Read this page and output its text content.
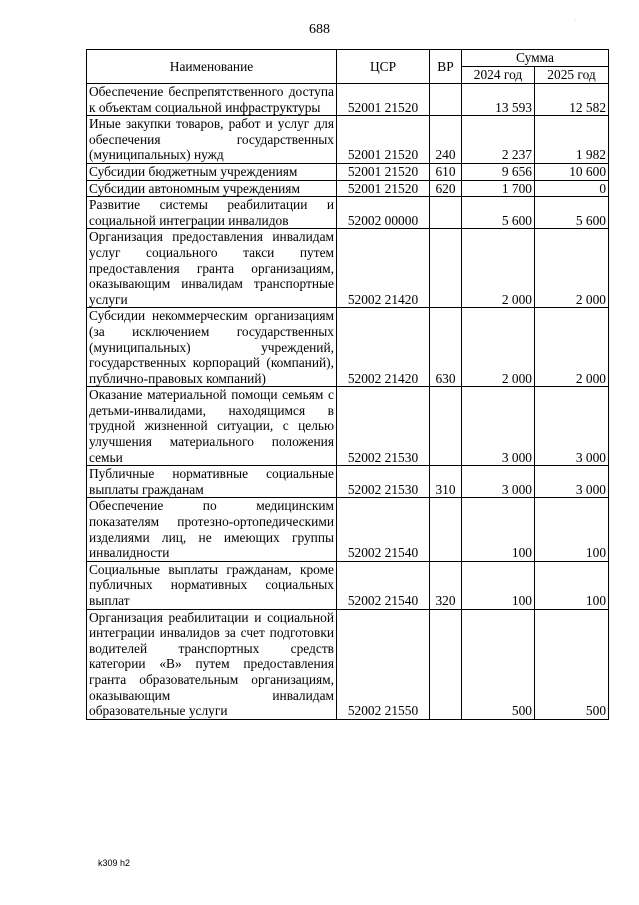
688
·
Наименование	ЦСР	ВР	Сумма	
			2024 год	2025 год
Обеспечение беспрепятственного доступа к объектам социальной инфраструктуры	52001 21520		13 593	12 582
Иные закупки товаров, работ и услуг для обеспечения государственных (муниципальных) нужд	52001 21520	240	2 237	1 982
Субсидии бюджетным учреждениям	52001 21520	610	9 656	10 600
Субсидии автономным учреждениям	52001 21520	620	1 700	0
Развитие системы реабилитации и социальной интеграции инвалидов	52002 00000		5 600	5 600
Организация предоставления инвалидам услуг социального такси путем предоставления гранта организациям, оказывающим инвалидам транспортные услуги	52002 21420		2 000	2 000
Субсидии некоммерческим организациям (за исключением государственных (муниципальных) учреждений, государственных корпораций (компаний), публично-правовых компаний)	52002 21420	630	2 000	2 000
Оказание материальной помощи семьям с детьми-инвалидами, находящимся в трудной жизненной ситуации, с целью улучшения материального положения семьи	52002 21530		3 000	3 000
Публичные нормативные социальные выплаты гражданам	52002 21530	310	3 000	3 000
Обеспечение по медицинским показателям протезно-ортопедическими изделиями лиц, не имеющих группы инвалидности	52002 21540		100	100
Социальные выплаты гражданам, кроме публичных нормативных социальных выплат	52002 21540	320	100	100
Организация реабилитации и социальной интеграции инвалидов за счет подготовки водителей транспортных средств категории «В» путем предоставления гранта образовательным организациям, оказывающим инвалидам образовательные услуги	52002 21550		500	500
k309 h2
